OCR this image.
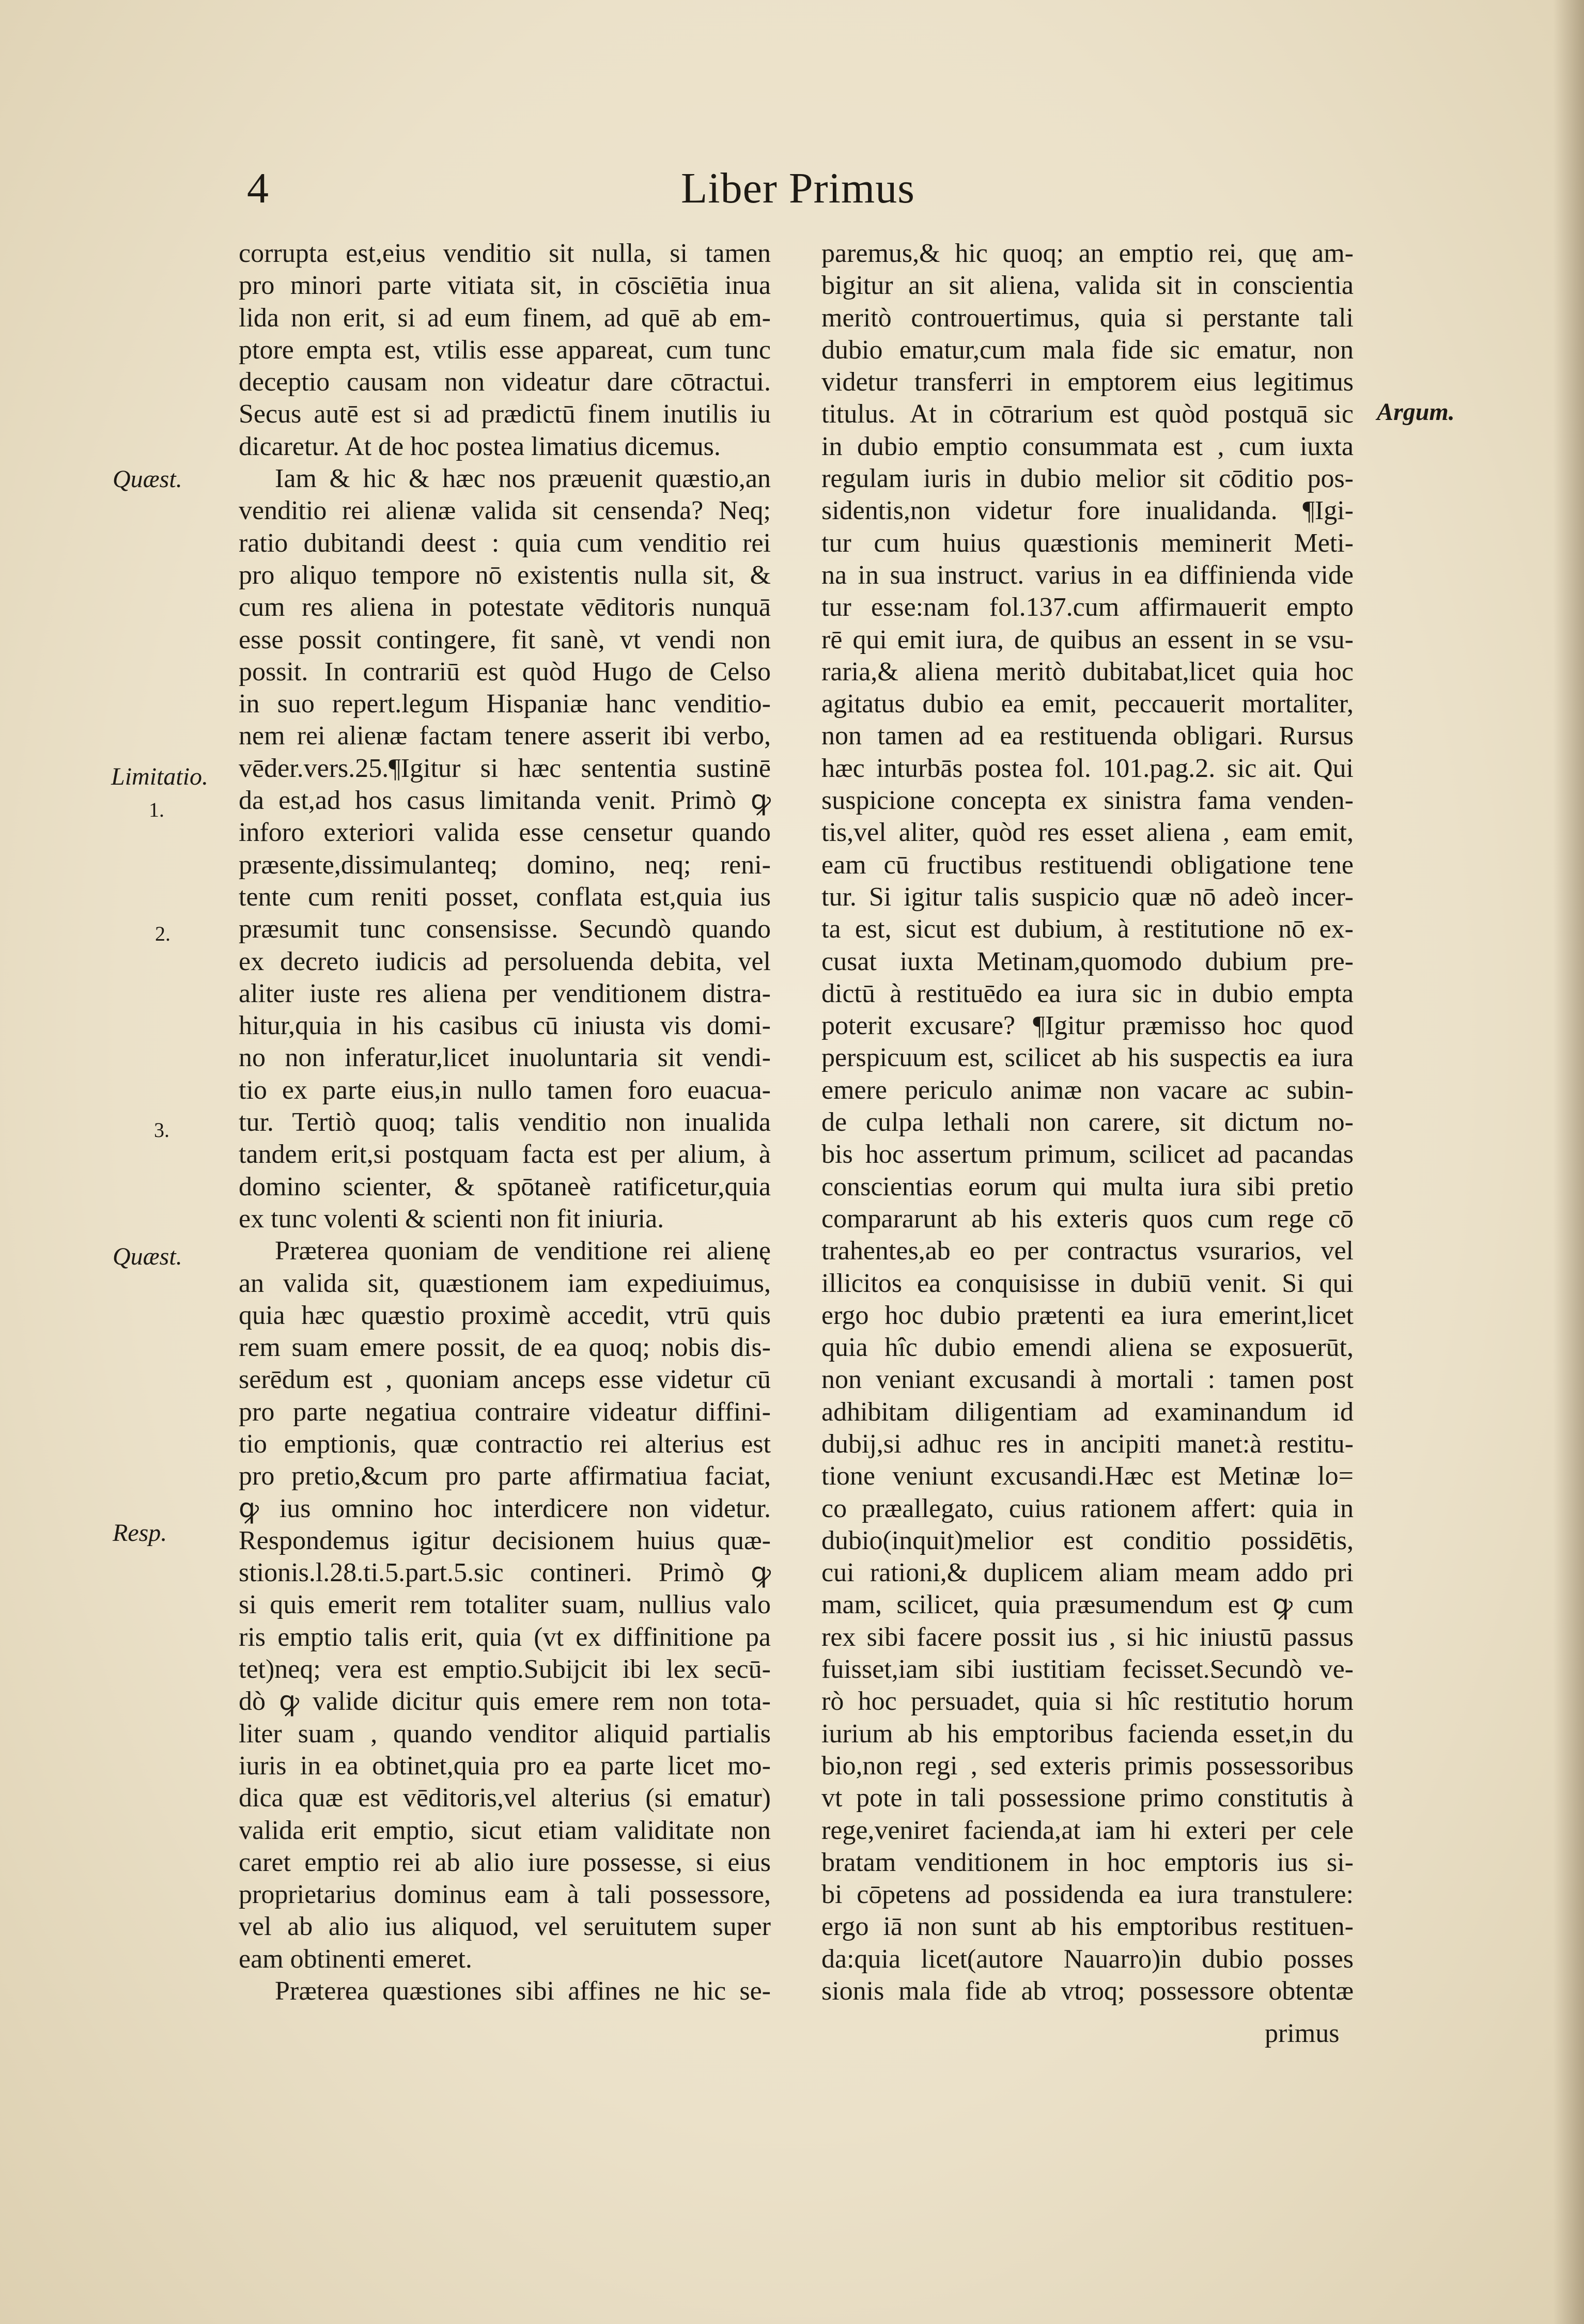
4	Liber Primus
Quæst.
Limitatio.
1.
2.
3.
Quæst.
Resp.
Argum.
corrupta est,eius venditio sit nulla, si tamen
pro minori parte vitiata sit, in cōsciētia inua
lida non erit, si ad eum finem, ad quē ab em-
ptore empta est, vtilis esse appareat, cum tunc
deceptio causam non videatur dare cōtractui.
Secus autē est si ad prædictū finem inutilis iu
dicaretur. At de hoc postea limatius dicemus.
Iam & hic & hæc nos præuenit quæstio,an
venditio rei alienæ valida sit censenda? Neq;
ratio dubitandi deest : quia cum venditio rei
pro aliquo tempore nō existentis nulla sit, &
cum res aliena in potestate vēditoris nunquā
esse possit contingere, fit sanè, vt vendi non
possit. In contrariū est quòd Hugo de Celso
in suo repert.legum Hispaniæ hanc venditio-
nem rei alienæ factam tenere asserit ibi verbo,
vēder.vers.25.¶Igitur si hæc sententia sustinē
da est,ad hos casus limitanda venit. Primò ꝙ
inforo exteriori valida esse censetur quando
præsente,dissimulanteq; domino, neq; reni-
tente cum reniti posset, conflata est,quia ius
præsumit tunc consensisse. Secundò quando
ex decreto iudicis ad persoluenda debita, vel
aliter iuste res aliena per venditionem distra-
hitur,quia in his casibus cū iniusta vis domi-
no non inferatur,licet inuoluntaria sit vendi-
tio ex parte eius,in nullo tamen foro euacua-
tur. Tertiò quoq; talis venditio non inualida
tandem erit,si postquam facta est per alium, à
domino scienter, & spōtaneè ratificetur,quia
ex tunc volenti & scienti non fit iniuria.
Præterea quoniam de venditione rei alienę
an valida sit, quæstionem iam expediuimus,
quia hæc quæstio proximè accedit, vtrū quis
rem suam emere possit, de ea quoq; nobis dis-
serēdum est , quoniam anceps esse videtur cū
pro parte negatiua contraire videatur diffini-
tio emptionis, quæ contractio rei alterius est
pro pretio,&cum pro parte affirmatiua faciat,
ꝙ ius omnino hoc interdicere non videtur.
Respondemus igitur decisionem huius quæ-
stionis.l.28.ti.5.part.5.sic contineri. Primò ꝙ
si quis emerit rem totaliter suam, nullius valo
ris emptio talis erit, quia (vt ex diffinitione pa
tet)neq; vera est emptio.Subijcit ibi lex secū-
dò ꝙ valide dicitur quis emere rem non tota-
liter suam , quando venditor aliquid partialis
iuris in ea obtinet,quia pro ea parte licet mo-
dica quæ est vēditoris,vel alterius (si ematur)
valida erit emptio, sicut etiam validitate non
caret emptio rei ab alio iure possesse, si eius
proprietarius dominus eam à tali possessore,
vel ab alio ius aliquod, vel seruitutem super
eam obtinenti emeret.
Præterea quæstiones sibi affines ne hic se-
paremus,& hic quoq; an emptio rei, quę am-
bigitur an sit aliena, valida sit in conscientia
meritò controuertimus, quia si perstante tali
dubio ematur,cum mala fide sic ematur, non
videtur transferri in emptorem eius legitimus
titulus. At in cōtrarium est quòd postquā sic
in dubio emptio consummata est , cum iuxta
regulam iuris in dubio melior sit cōditio pos-
sidentis,non videtur fore inualidanda. ¶Igi-
tur cum huius quæstionis meminerit Meti-
na in sua instruct. varius in ea diffinienda vide
tur esse:nam fol.137.cum affirmauerit empto
rē qui emit iura, de quibus an essent in se vsu-
raria,& aliena meritò dubitabat,licet quia hoc
agitatus dubio ea emit, peccauerit mortaliter,
non tamen ad ea restituenda obligari. Rursus
hæc inturbās postea fol. 101.pag.2. sic ait. Qui
suspicione concepta ex sinistra fama venden-
tis,vel aliter, quòd res esset aliena , eam emit,
eam cū fructibus restituendi obligatione tene
tur. Si igitur talis suspicio quæ nō adeò incer-
ta est, sicut est dubium, à restitutione nō ex-
cusat iuxta Metinam,quomodo dubium pre-
dictū à restituēdo ea iura sic in dubio empta
poterit excusare? ¶Igitur præmisso hoc quod
perspicuum est, scilicet ab his suspectis ea iura
emere periculo animæ non vacare ac subin-
de culpa lethali non carere, sit dictum no-
bis hoc assertum primum, scilicet ad pacandas
conscientias eorum qui multa iura sibi pretio
compararunt ab his exteris quos cum rege cō
trahentes,ab eo per contractus vsurarios, vel
illicitos ea conquisisse in dubiū venit. Si qui
ergo hoc dubio prætenti ea iura emerint,licet
quia hîc dubio emendi aliena se exposuerūt,
non veniant excusandi à mortali : tamen post
adhibitam diligentiam ad examinandum id
dubij,si adhuc res in ancipiti manet:à restitu-
tione veniunt excusandi.Hæc est Metinæ lo=
co præallegato, cuius rationem affert: quia in
dubio(inquit)melior est conditio possidētis,
cui rationi,& duplicem aliam meam addo pri
mam, scilicet, quia præsumendum est ꝙ cum
rex sibi facere possit ius , si hic iniustū passus
fuisset,iam sibi iustitiam fecisset.Secundò ve-
rò hoc persuadet, quia si hîc restitutio horum
iurium ab his emptoribus facienda esset,in du
bio,non regi , sed exteris primis possessoribus
vt pote in tali possessione primo constitutis à
rege,veniret facienda,at iam hi exteri per cele
bratam venditionem in hoc emptoris ius si-
bi cōpetens ad possidenda ea iura transtulere:
ergo iā non sunt ab his emptoribus restituen-
da:quia licet(autore Nauarro)in dubio posses
sionis mala fide ab vtroq; possessore obtentæ
primus
